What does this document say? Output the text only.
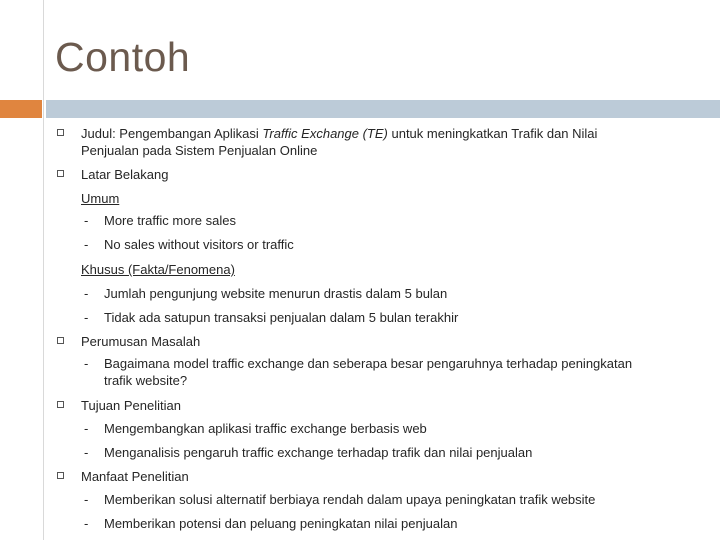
Contoh
Judul: Pengembangan Aplikasi Traffic Exchange (TE) untuk meningkatkan Trafik dan Nilai
Penjualan pada Sistem Penjualan Online
Latar Belakang
Umum
- More traffic more sales
- No sales without visitors or traffic
Khusus (Fakta/Fenomena)
- Jumlah pengunjung website menurun drastis dalam 5 bulan
- Tidak ada satupun transaksi penjualan dalam 5 bulan terakhir
Perumusan Masalah
- Bagaimana model traffic exchange dan seberapa besar pengaruhnya terhadap peningkatan
trafik website?
Tujuan Penelitian
- Mengembangkan aplikasi traffic exchange berbasis web
- Menganalisis pengaruh traffic exchange terhadap trafik dan nilai penjualan
Manfaat Penelitian
- Memberikan solusi alternatif berbiaya rendah dalam upaya peningkatan trafik website
- Memberikan potensi dan peluang peningkatan nilai penjualan
